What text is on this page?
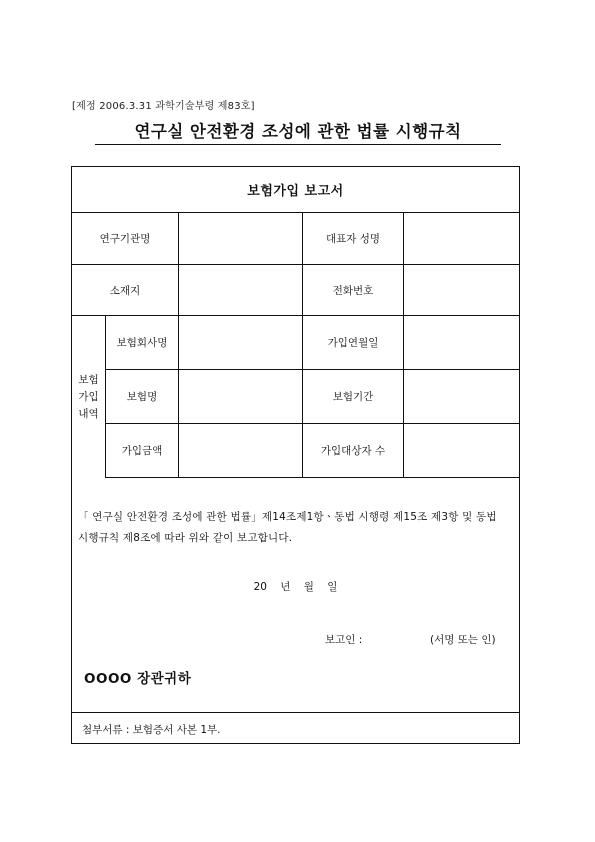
[제정 2006.3.31 과학기술부령 제83호]
연구실 안전환경 조성에 관한 법률 시행규칙
보험가입 보고서
연구기관명	대표자 성명
소재지	전화번호
보험
가입
내역
보험회사명	가입연월일
보험명	보험기간
가입금액	가입대상자 수
「 연구실 안전환경 조성에 관한 법률」제14조제1항ㆍ동법 시행령 제15조 제3항 및 동법
시행규칙 제8조에 따라 위와 같이 보고합니다.
20 년 월 일
보고인 :	(서명 또는 인)
OOOO 장관귀하
첨부서류 : 보험증서 사본 1부.
